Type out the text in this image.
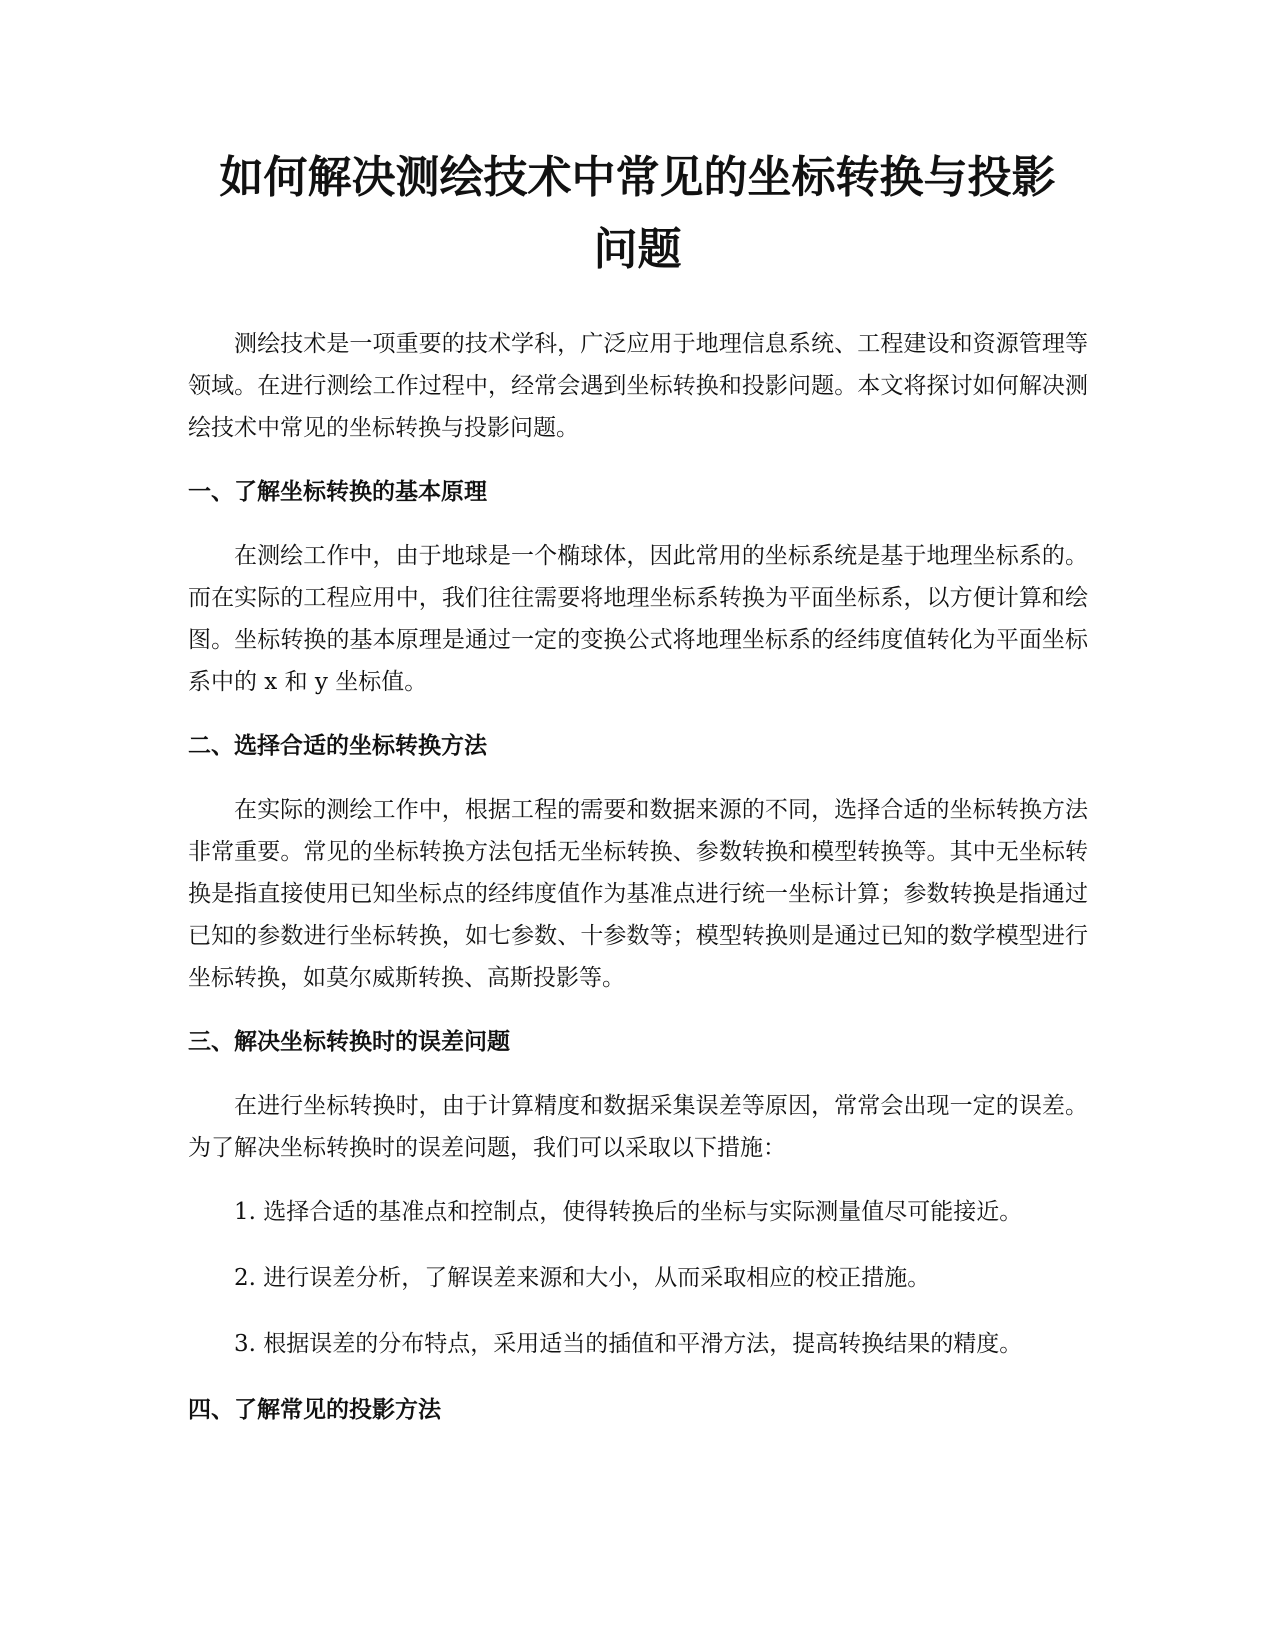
如何解决测绘技术中常见的坐标转换与投影
问题

测绘技术是一项重要的技术学科，广泛应用于地理信息系统、工程建设和资源管理等领域。在进行测绘工作过程中，经常会遇到坐标转换和投影问题。本文将探讨如何解决测绘技术中常见的坐标转换与投影问题。

一、了解坐标转换的基本原理

在测绘工作中，由于地球是一个椭球体，因此常用的坐标系统是基于地理坐标系的。而在实际的工程应用中，我们往往需要将地理坐标系转换为平面坐标系，以方便计算和绘图。坐标转换的基本原理是通过一定的变换公式将地理坐标系的经纬度值转化为平面坐标系中的 x 和 y 坐标值。

二、选择合适的坐标转换方法

在实际的测绘工作中，根据工程的需要和数据来源的不同，选择合适的坐标转换方法非常重要。常见的坐标转换方法包括无坐标转换、参数转换和模型转换等。其中无坐标转换是指直接使用已知坐标点的经纬度值作为基准点进行统一坐标计算；参数转换是指通过已知的参数进行坐标转换，如七参数、十参数等；模型转换则是通过已知的数学模型进行坐标转换，如莫尔威斯转换、高斯投影等。

三、解决坐标转换时的误差问题

在进行坐标转换时，由于计算精度和数据采集误差等原因，常常会出现一定的误差。为了解决坐标转换时的误差问题，我们可以采取以下措施：

1. 选择合适的基准点和控制点，使得转换后的坐标与实际测量值尽可能接近。

2. 进行误差分析，了解误差来源和大小，从而采取相应的校正措施。

3. 根据误差的分布特点，采用适当的插值和平滑方法，提高转换结果的精度。

四、了解常见的投影方法
